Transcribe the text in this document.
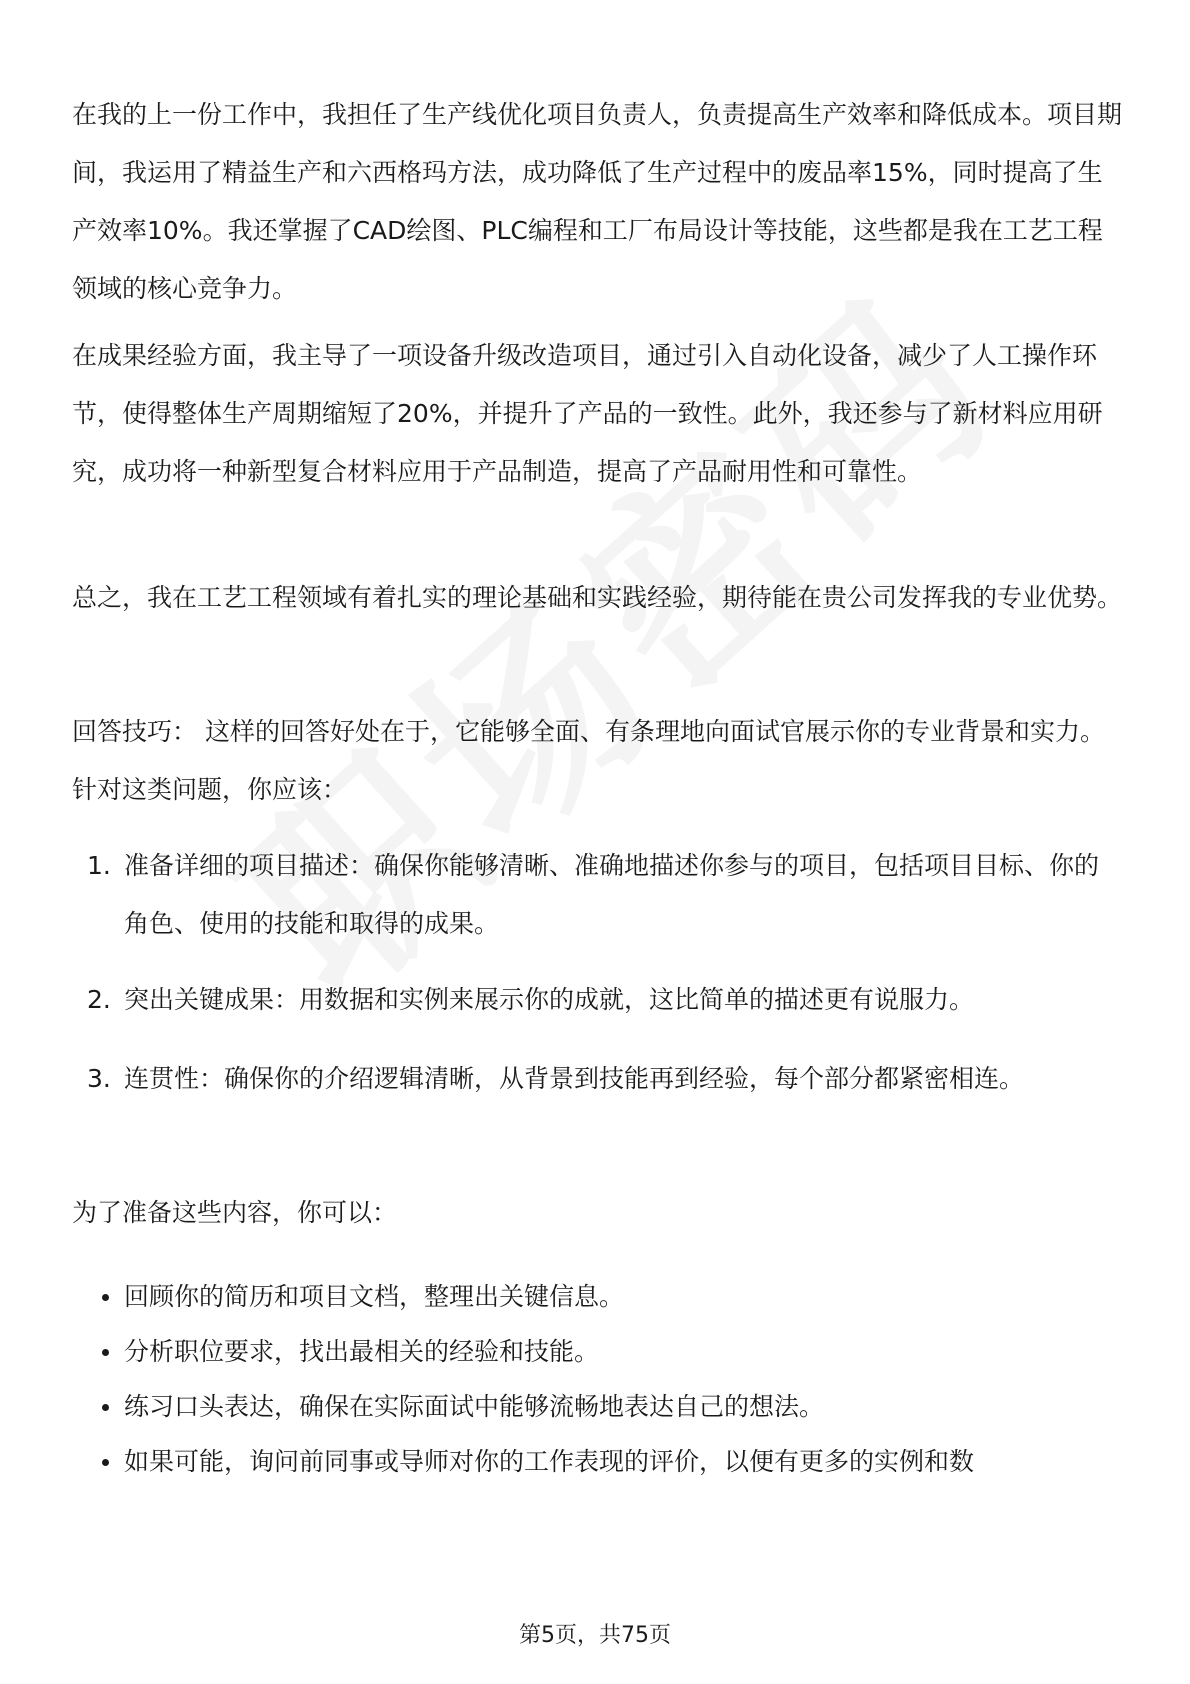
在我的上一份工作中，我担任了生产线优化项目负责人，负责提高生产效率和降低成本。项目期间，我运用了精益生产和六西格玛方法，成功降低了生产过程中的废品率15%，同时提高了生产效率10%。我还掌握了CAD绘图、PLC编程和工厂布局设计等技能，这些都是我在工艺工程领域的核心竞争力。

在成果经验方面，我主导了一项设备升级改造项目，通过引入自动化设备，减少了人工操作环节，使得整体生产周期缩短了20%，并提升了产品的一致性。此外，我还参与了新材料应用研究，成功将一种新型复合材料应用于产品制造，提高了产品耐用性和可靠性。

总之，我在工艺工程领域有着扎实的理论基础和实践经验，期待能在贵公司发挥我的专业优势。

回答技巧： 这样的回答好处在于，它能够全面、有条理地向面试官展示你的专业背景和实力。针对这类问题，你应该：

1. 准备详细的项目描述：确保你能够清晰、准确地描述你参与的项目，包括项目目标、你的角色、使用的技能和取得的成果。
2. 突出关键成果：用数据和实例来展示你的成就，这比简单的描述更有说服力。
3. 连贯性：确保你的介绍逻辑清晰，从背景到技能再到经验，每个部分都紧密相连。

为了准备这些内容，你可以：

回顾你的简历和项目文档，整理出关键信息。
分析职位要求，找出最相关的经验和技能。
练习口头表达，确保在实际面试中能够流畅地表达自己的想法。
如果可能，询问前同事或导师对你的工作表现的评价，以便有更多的实例和数
第5页，共75页
